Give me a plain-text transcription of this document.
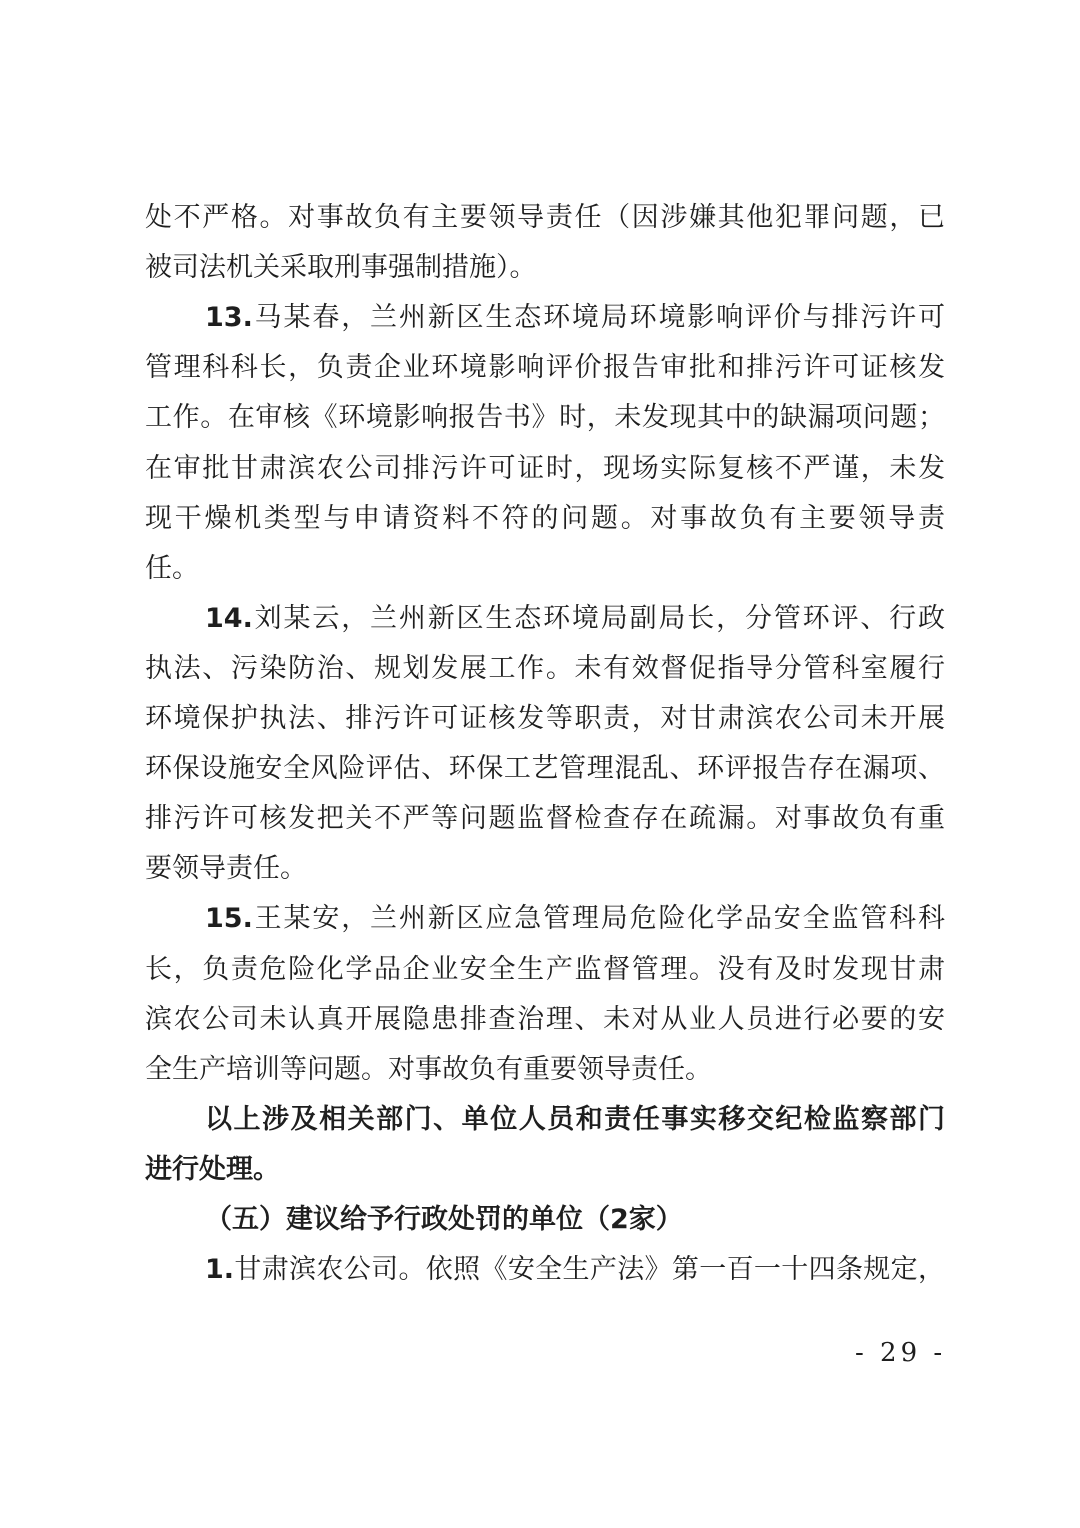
处不严格。对事故负有主要领导责任（因涉嫌其他犯罪问题，已
被司法机关采取刑事强制措施）。
13.马某春，兰州新区生态环境局环境影响评价与排污许可
管理科科长，负责企业环境影响评价报告审批和排污许可证核发
工作。在审核《环境影响报告书》时，未发现其中的缺漏项问题；
在审批甘肃滨农公司排污许可证时，现场实际复核不严谨，未发
现干燥机类型与申请资料不符的问题。对事故负有主要领导责
任。
14.刘某云，兰州新区生态环境局副局长，分管环评、行政
执法、污染防治、规划发展工作。未有效督促指导分管科室履行
环境保护执法、排污许可证核发等职责，对甘肃滨农公司未开展
环保设施安全风险评估、环保工艺管理混乱、环评报告存在漏项、
排污许可核发把关不严等问题监督检查存在疏漏。对事故负有重
要领导责任。
15.王某安，兰州新区应急管理局危险化学品安全监管科科
长，负责危险化学品企业安全生产监督管理。没有及时发现甘肃
滨农公司未认真开展隐患排查治理、未对从业人员进行必要的安
全生产培训等问题。对事故负有重要领导责任。
以上涉及相关部门、单位人员和责任事实移交纪检监察部门
进行处理。
（五）建议给予行政处罚的单位（2家）
1.甘肃滨农公司。依照《安全生产法》第一百一十四条规定，
- 29 -
